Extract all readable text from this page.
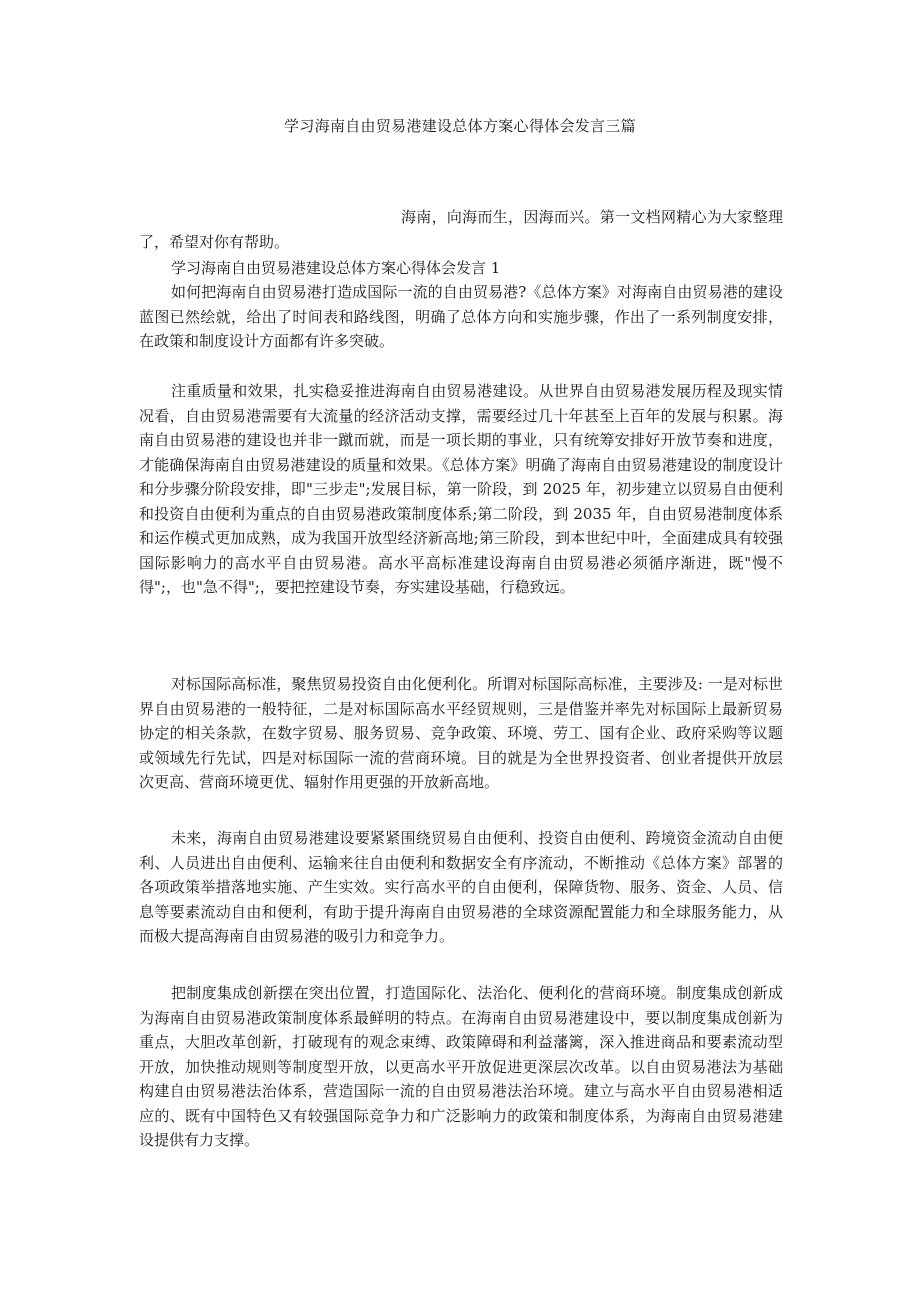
学习海南自由贸易港建设总体方案心得体会发言三篇

海南，向海而生，因海而兴。第一文档网精心为大家整理了，希望对你有帮助。

学习海南自由贸易港建设总体方案心得体会发言 1

如何把海南自由贸易港打造成国际一流的自由贸易港?《总体方案》对海南自由贸易港的建设蓝图已然绘就，给出了时间表和路线图，明确了总体方向和实施步骤，作出了一系列制度安排，在政策和制度设计方面都有许多突破。

注重质量和效果，扎实稳妥推进海南自由贸易港建设。从世界自由贸易港发展历程及现实情况看，自由贸易港需要有大流量的经济活动支撑，需要经过几十年甚至上百年的发展与积累。海南自由贸易港的建设也并非一蹴而就，而是一项长期的事业，只有统筹安排好开放节奏和进度，才能确保海南自由贸易港建设的质量和效果。《总体方案》明确了海南自由贸易港建设的制度设计和分步骤分阶段安排，即"三步走";发展目标，第一阶段，到 2025 年，初步建立以贸易自由便利和投资自由便利为重点的自由贸易港政策制度体系;第二阶段，到 2035 年，自由贸易港制度体系和运作模式更加成熟，成为我国开放型经济新高地;第三阶段，到本世纪中叶，全面建成具有较强国际影响力的高水平自由贸易港。高水平高标准建设海南自由贸易港必须循序渐进，既"慢不得";，也"急不得";，要把控建设节奏，夯实建设基础，行稳致远。

对标国际高标准，聚焦贸易投资自由化便利化。所谓对标国际高标准，主要涉及: 一是对标世界自由贸易港的一般特征，二是对标国际高水平经贸规则，三是借鉴并率先对标国际上最新贸易协定的相关条款，在数字贸易、服务贸易、竞争政策、环境、劳工、国有企业、政府采购等议题或领域先行先试，四是对标国际一流的营商环境。目的就是为全世界投资者、创业者提供开放层次更高、营商环境更优、辐射作用更强的开放新高地。

未来，海南自由贸易港建设要紧紧围绕贸易自由便利、投资自由便利、跨境资金流动自由便利、人员进出自由便利、运输来往自由便利和数据安全有序流动，不断推动《总体方案》部署的各项政策举措落地实施、产生实效。实行高水平的自由便利，保障货物、服务、资金、人员、信息等要素流动自由和便利，有助于提升海南自由贸易港的全球资源配置能力和全球服务能力，从而极大提高海南自由贸易港的吸引力和竞争力。

把制度集成创新摆在突出位置，打造国际化、法治化、便利化的营商环境。制度集成创新成为海南自由贸易港政策制度体系最鲜明的特点。在海南自由贸易港建设中，要以制度集成创新为重点，大胆改革创新，打破现有的观念束缚、政策障碍和利益藩篱，深入推进商品和要素流动型开放，加快推动规则等制度型开放，以更高水平开放促进更深层次改革。以自由贸易港法为基础构建自由贸易港法治体系，营造国际一流的自由贸易港法治环境。建立与高水平自由贸易港相适应的、既有中国特色又有较强国际竞争力和广泛影响力的政策和制度体系，为海南自由贸易港建设提供有力支撑。
